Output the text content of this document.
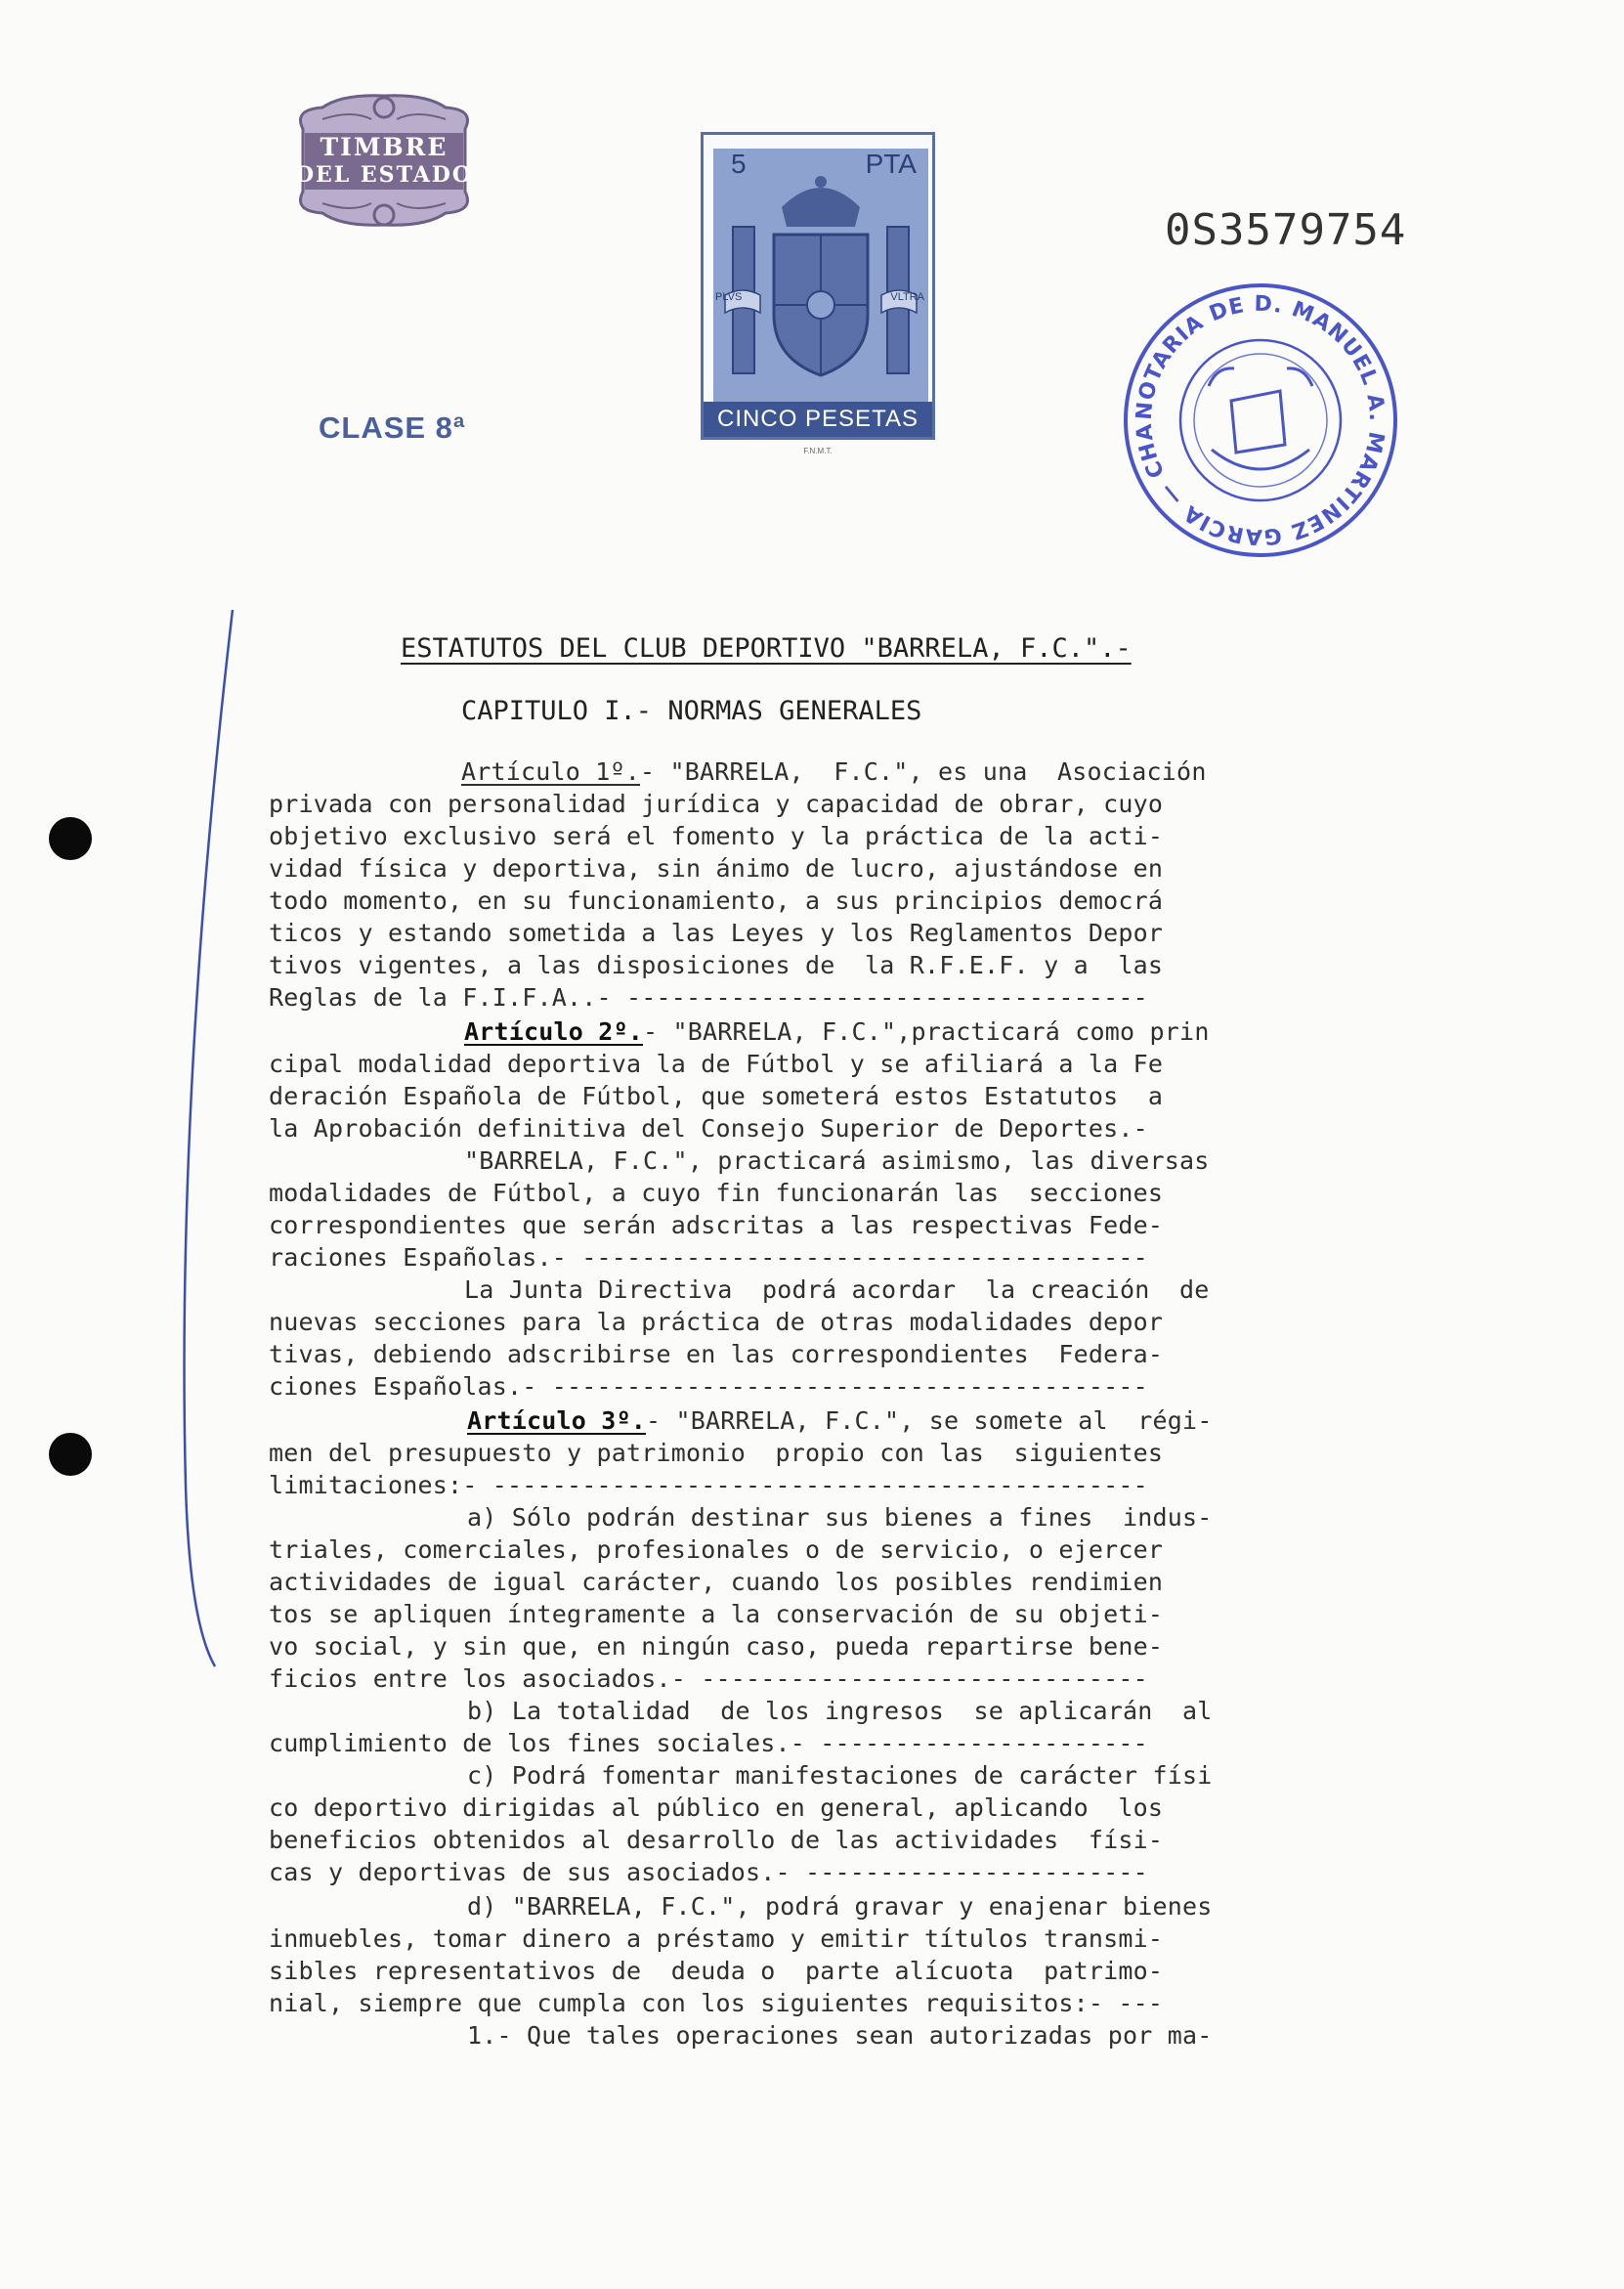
TIMBRE
DEL ESTADO
CLASE 8ª
5	PTA
PLVS	VLTRA
CINCO PESETAS
F.N.M.T.
0S3579754
NOTARIA DE D. MANUEL A. MARTINEZ GARCIA — CHA
ESTATUTOS DEL CLUB DEPORTIVO "BARRELA, F.C.".-
CAPITULO I.- NORMAS GENERALES
Artículo 1º.- "BARRELA,  F.C.", es una  Asociación
privada con personalidad jurídica y capacidad de obrar, cuyo
objetivo exclusivo será el fomento y la práctica de la acti-
vidad física y deportiva, sin ánimo de lucro, ajustándose en
todo momento, en su funcionamiento, a sus principios democrá
ticos y estando sometida a las Leyes y los Reglamentos Depor
tivos vigentes, a las disposiciones de  la R.F.E.F. y a  las
Reglas de la F.I.F.A..- -----------------------------------
Artículo 2º.- "BARRELA, F.C.",practicará como prin
cipal modalidad deportiva la de Fútbol y se afiliará a la Fe
deración Española de Fútbol, que someterá estos Estatutos  a
la Aprobación definitiva del Consejo Superior de Deportes.-
"BARRELA, F.C.", practicará asimismo, las diversas
modalidades de Fútbol, a cuyo fin funcionarán las  secciones
correspondientes que serán adscritas a las respectivas Fede-
raciones Españolas.- --------------------------------------
La Junta Directiva  podrá acordar  la creación  de
nuevas secciones para la práctica de otras modalidades depor
tivas, debiendo adscribirse en las correspondientes  Federa-
ciones Españolas.- ----------------------------------------
Artículo 3º.- "BARRELA, F.C.", se somete al  régi-
men del presupuesto y patrimonio  propio con las  siguientes
limitaciones:- --------------------------------------------
a) Sólo podrán destinar sus bienes a fines  indus-
triales, comerciales, profesionales o de servicio, o ejercer
actividades de igual carácter, cuando los posibles rendimien
tos se apliquen íntegramente a la conservación de su objeti-
vo social, y sin que, en ningún caso, pueda repartirse bene-
ficios entre los asociados.- ------------------------------
b) La totalidad  de los ingresos  se aplicarán  al
cumplimiento de los fines sociales.- ----------------------
c) Podrá fomentar manifestaciones de carácter físi
co deportivo dirigidas al público en general, aplicando  los
beneficios obtenidos al desarrollo de las actividades  físi-
cas y deportivas de sus asociados.- -----------------------
d) "BARRELA, F.C.", podrá gravar y enajenar bienes
inmuebles, tomar dinero a préstamo y emitir títulos transmi-
sibles representativos de  deuda o  parte alícuota  patrimo-
nial, siempre que cumpla con los siguientes requisitos:- ---
1.- Que tales operaciones sean autorizadas por ma-
